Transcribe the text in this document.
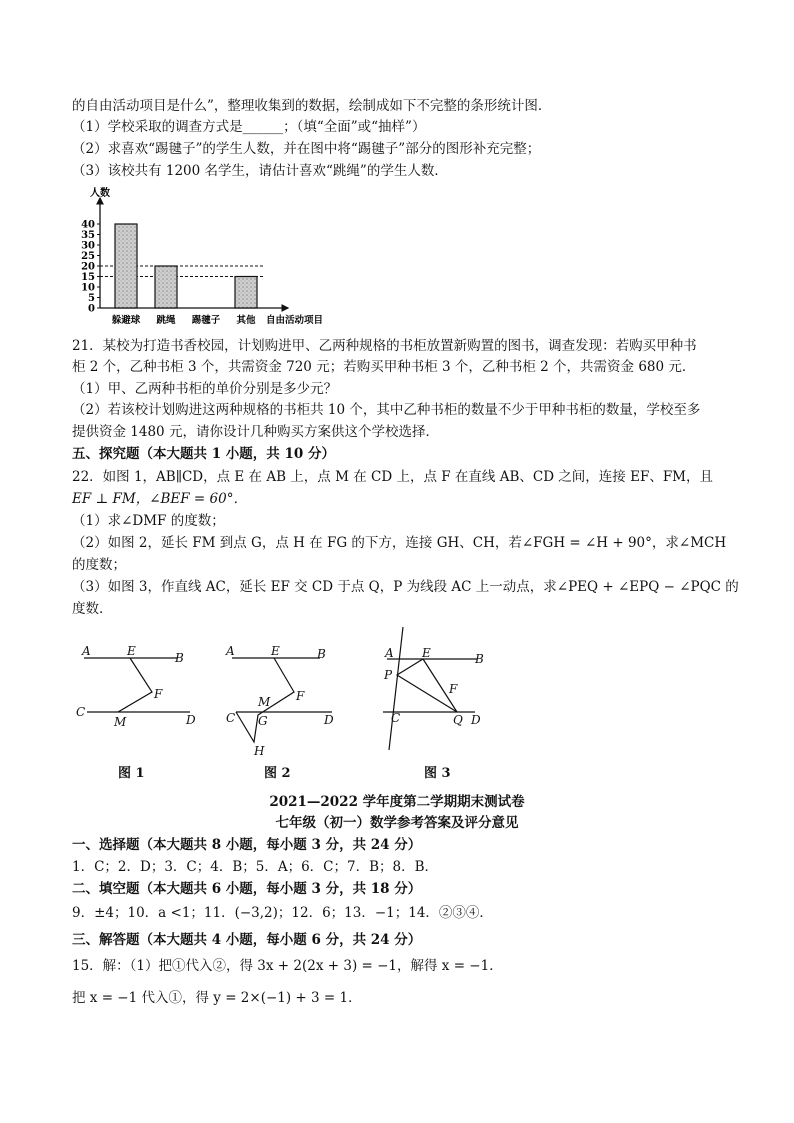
的自由活动项目是什么”，整理收集到的数据，绘制成如下不完整的条形统计图．
（1）学校采取的调查方式是______；（填“全面”或“抽样”）
（2）求喜欢“踢毽子”的学生人数，并在图中将“踢毽子”部分的图形补充完整；
（3）该校共有 1200 名学生，请估计喜欢“跳绳”的学生人数．
人数
0
5
10
15
20
25
30
35
40
躲避球 跳绳 踢毽子 其他 自由活动项目
21．某校为打造书香校园，计划购进甲、乙两种规格的书柜放置新购置的图书，调查发现：若购买甲种书
柜 2 个，乙种书柜 3 个，共需资金 720 元；若购买甲种书柜 3 个，乙种书柜 2 个，共需资金 680 元．
（1）甲、乙两种书柜的单价分别是多少元？
（2）若该校计划购进这两种规格的书柜共 10 个，其中乙种书柜的数量不少于甲种书柜的数量，学校至多
提供资金 1480 元，请你设计几种购买方案供这个学校选择．
五、探究题（本大题共 1 小题，共 10 分）
22．如图 1，AB∥CD，点 E 在 AB 上，点 M 在 CD 上，点 F 在直线 AB、CD 之间，连接 EF、FM，且
EF ⊥ FM，∠BEF = 60°．
（1）求∠DMF 的度数；
（2）如图 2，延长 FM 到点 G，点 H 在 FG 的下方，连接 GH、CH，若∠FGH = ∠H + 90°，求∠MCH
的度数；
（3）如图 3，作直线 AC，延长 EF 交 CD 于点 Q，P 为线段 AC 上一动点，求∠PEQ + ∠EPQ − ∠PQC 的
度数．
A	E	B
F
C
M	D
图 1
A	E	B
F
M
C G	D
H
图 2
A E	B
P
F
C	Q D
图 3
2021—2022 学年度第二学期期末测试卷
七年级（初一）数学参考答案及评分意见
一、选择题（本大题共 8 小题，每小题 3 分，共 24 分）
1．C；2．D；3．C；4．B；5．A；6．C；7．B；8．B．
二、填空题（本大题共 6 小题，每小题 3 分，共 18 分）
9．±4；10．a <1；11．(−3,2)；12．6；13．−1；14．②③④．
三、解答题（本大题共 4 小题，每小题 6 分，共 24 分）
15．解：（1）把①代入②，得 3x + 2(2x + 3) = −1，解得 x = −1．
把 x = −1 代入①，得 y = 2×(−1) + 3 = 1．
